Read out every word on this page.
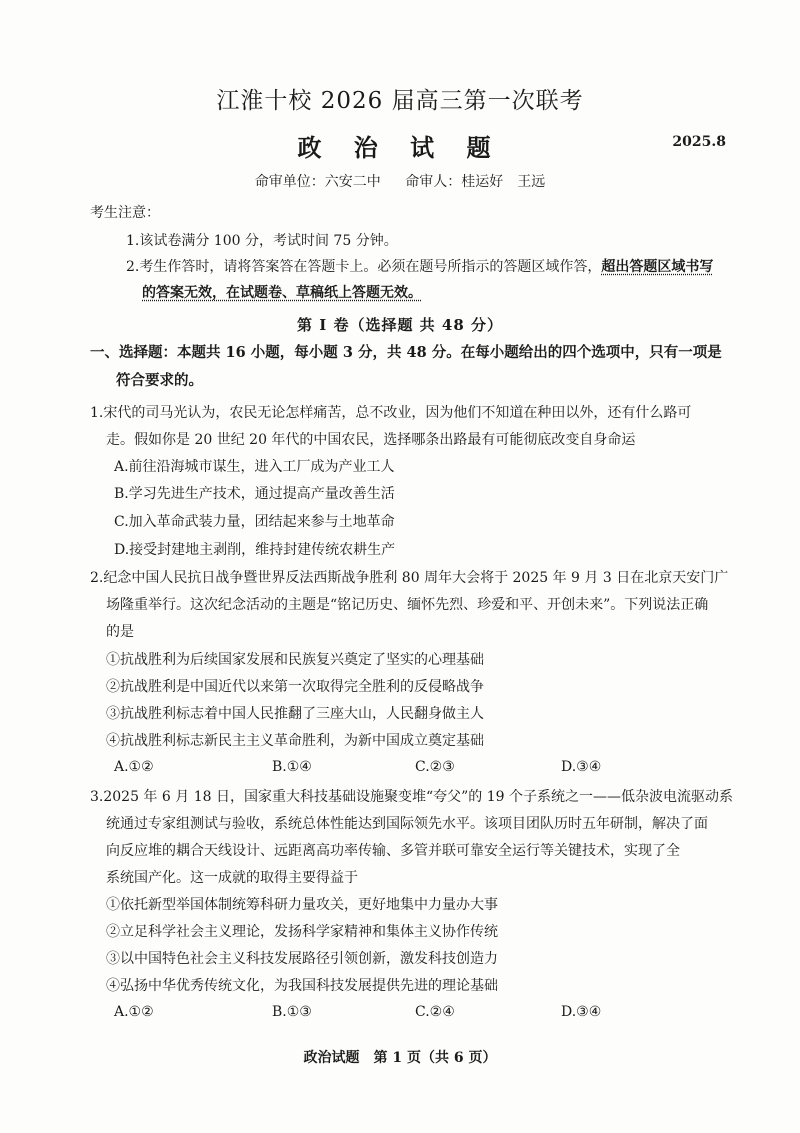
江淮十校 2026 届高三第一次联考
政 治 试 题	2025.8
命审单位：六安二中 命审人：桂运好　王远
考生注意：
1.该试卷满分 100 分，考试时间 75 分钟。
2.考生作答时，请将答案答在答题卡上。必须在题号所指示的答题区域作答，超出答题区域书写
的答案无效，在试题卷、草稿纸上答题无效。
第 I 卷（选择题 共 48 分）
一、选择题：本题共 16 小题，每小题 3 分，共 48 分。在每小题给出的四个选项中，只有一项是
符合要求的。
1.宋代的司马光认为，农民无论怎样痛苦，总不改业，因为他们不知道在种田以外，还有什么路可
走。假如你是 20 世纪 20 年代的中国农民，选择哪条出路最有可能彻底改变自身命运
A.前往沿海城市谋生，进入工厂成为产业工人
B.学习先进生产技术，通过提高产量改善生活
C.加入革命武装力量，团结起来参与土地革命
D.接受封建地主剥削，维持封建传统农耕生产
2.纪念中国人民抗日战争暨世界反法西斯战争胜利 80 周年大会将于 2025 年 9 月 3 日在北京天安门广
场隆重举行。这次纪念活动的主题是“铭记历史、缅怀先烈、珍爱和平、开创未来”。下列说法正确
的是
①抗战胜利为后续国家发展和民族复兴奠定了坚实的心理基础
②抗战胜利是中国近代以来第一次取得完全胜利的反侵略战争
③抗战胜利标志着中国人民推翻了三座大山，人民翻身做主人
④抗战胜利标志新民主主义革命胜利，为新中国成立奠定基础
A.①②	B.①④	C.②③	D.③④
3.2025 年 6 月 18 日，国家重大科技基础设施聚变堆“夸父”的 19 个子系统之一——低杂波电流驱动系
统通过专家组测试与验收，系统总体性能达到国际领先水平。该项目团队历时五年研制，解决了面
向反应堆的耦合天线设计、远距离高功率传输、多管并联可靠安全运行等关键技术，实现了全
系统国产化。这一成就的取得主要得益于
①依托新型举国体制统筹科研力量攻关，更好地集中力量办大事
②立足科学社会主义理论，发扬科学家精神和集体主义协作传统
③以中国特色社会主义科技发展路径引领创新，激发科技创造力
④弘扬中华优秀传统文化，为我国科技发展提供先进的理论基础
A.①②	B.①③	C.②④	D.③④
政治试题　第 1 页（共 6 页）
